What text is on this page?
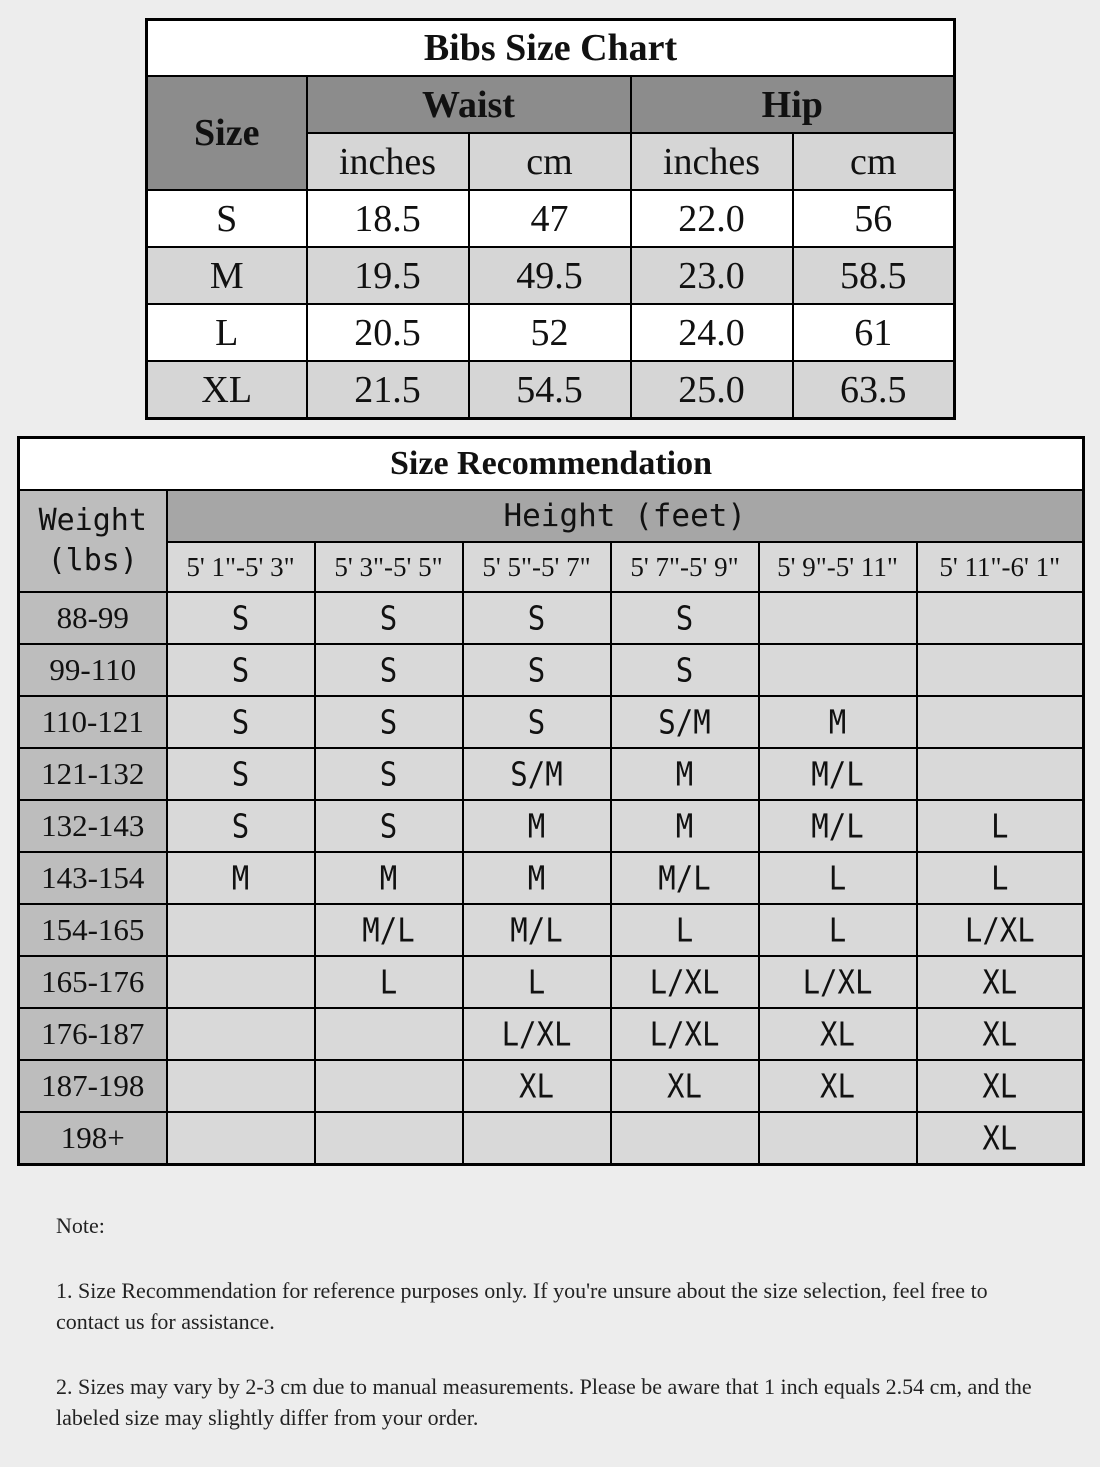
Bibs Size Chart				
Size	Waist		Hip	
	inches	cm	inches	cm
S	18.5	47	22.0	56
M	19.5	49.5	23.0	58.5
L	20.5	52	24.0	61
XL	21.5	54.5	25.0	63.5
Size Recommendation						

Weight
(lbs)	Height (feet)					
	5' 1"-5' 3"	5' 3"-5' 5"	5' 5"-5' 7"	5' 7"-5' 9"	5' 9"-5' 11"	5' 11"-6' 1"
88-99	S	S	S	S		
99-110	S	S	S	S		
110-121	S	S	S	S/M	M	
121-132	S	S	S/M	M	M/L	
132-143	S	S	M	M	M/L	L
143-154	M	M	M	M/L	L	L
154-165		M/L	M/L	L	L	L/XL
165-176		L	L	L/XL	L/XL	XL
176-187			L/XL	L/XL	XL	XL
187-198			XL	XL	XL	XL
198+						XL

Note:

1. Size Recommendation for reference purposes only. If you're unsure about the size selection, feel free to contact us for assistance.

2. Sizes may vary by 2-3 cm due to manual measurements. Please be aware that 1 inch equals 2.54 cm, and the labeled size may slightly differ from your order.
